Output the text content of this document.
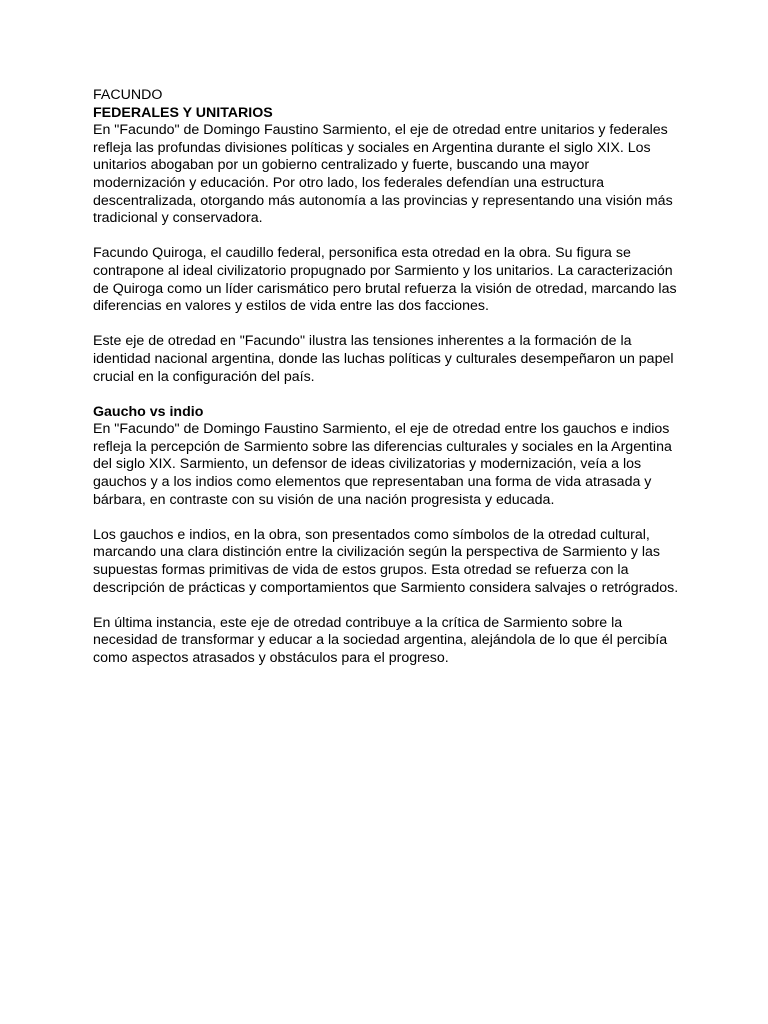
FACUNDO

FEDERALES Y UNITARIOS

En "Facundo" de Domingo Faustino Sarmiento, el eje de otredad entre unitarios y federales refleja las profundas divisiones políticas y sociales en Argentina durante el siglo XIX. Los unitarios abogaban por un gobierno centralizado y fuerte, buscando una mayor modernización y educación. Por otro lado, los federales defendían una estructura descentralizada, otorgando más autonomía a las provincias y representando una visión más tradicional y conservadora.

Facundo Quiroga, el caudillo federal, personifica esta otredad en la obra. Su figura se contrapone al ideal civilizatorio propugnado por Sarmiento y los unitarios. La caracterización de Quiroga como un líder carismático pero brutal refuerza la visión de otredad, marcando las diferencias en valores y estilos de vida entre las dos facciones.

Este eje de otredad en "Facundo" ilustra las tensiones inherentes a la formación de la identidad nacional argentina, donde las luchas políticas y culturales desempeñaron un papel crucial en la configuración del país.

Gaucho vs indio

En "Facundo" de Domingo Faustino Sarmiento, el eje de otredad entre los gauchos e indios refleja la percepción de Sarmiento sobre las diferencias culturales y sociales en la Argentina del siglo XIX. Sarmiento, un defensor de ideas civilizatorias y modernización, veía a los gauchos y a los indios como elementos que representaban una forma de vida atrasada y bárbara, en contraste con su visión de una nación progresista y educada.

Los gauchos e indios, en la obra, son presentados como símbolos de la otredad cultural, marcando una clara distinción entre la civilización según la perspectiva de Sarmiento y las supuestas formas primitivas de vida de estos grupos. Esta otredad se refuerza con la descripción de prácticas y comportamientos que Sarmiento considera salvajes o retrógrados.

En última instancia, este eje de otredad contribuye a la crítica de Sarmiento sobre la necesidad de transformar y educar a la sociedad argentina, alejándola de lo que él percibía como aspectos atrasados y obstáculos para el progreso.
